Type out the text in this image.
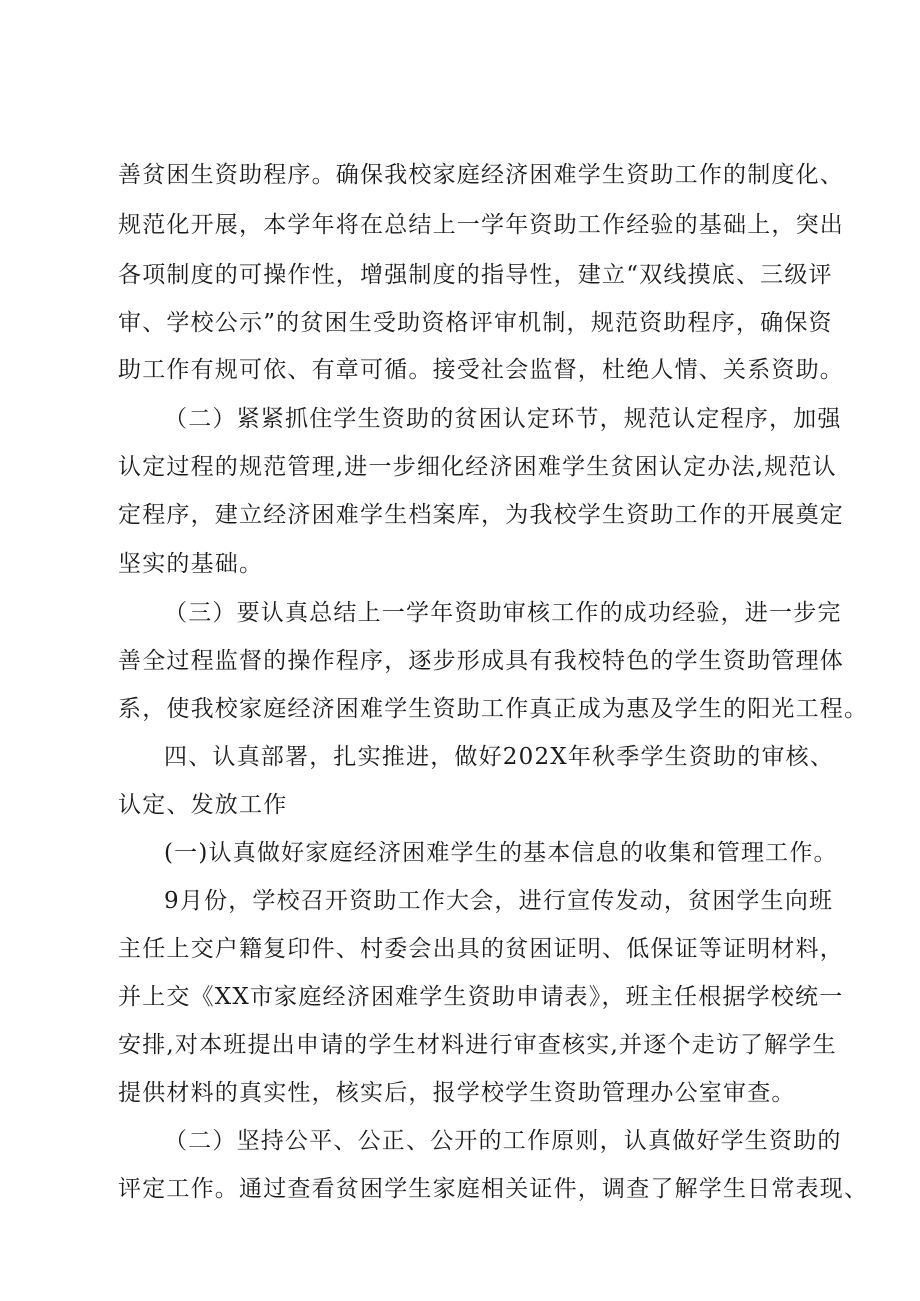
善贫困生资助程序。确保我校家庭经济困难学生资助工作的制度化、
规范化开展，本学年将在总结上一学年资助工作经验的基础上，突出
各项制度的可操作性，增强制度的指导性，建立“双线摸底、三级评
审、学校公示”的贫困生受助资格评审机制，规范资助程序，确保资
助工作有规可依、有章可循。接受社会监督，杜绝人情、关系资助。
（二）紧紧抓住学生资助的贫困认定环节，规范认定程序，加强
认定过程的规范管理,进一步细化经济困难学生贫困认定办法,规范认
定程序，建立经济困难学生档案库，为我校学生资助工作的开展奠定
坚实的基础。
（三）要认真总结上一学年资助审核工作的成功经验，进一步完
善全过程监督的操作程序，逐步形成具有我校特色的学生资助管理体
系，使我校家庭经济困难学生资助工作真正成为惠及学生的阳光工程。
四、认真部署，扎实推进，做好202X年秋季学生资助的审核、
认定、发放工作
(一)认真做好家庭经济困难学生的基本信息的收集和管理工作。
9月份，学校召开资助工作大会，进行宣传发动，贫困学生向班
主任上交户籍复印件、村委会出具的贫困证明、低保证等证明材料，
并上交《XX市家庭经济困难学生资助申请表》，班主任根据学校统一
安排,对本班提出申请的学生材料进行审查核实,并逐个走访了解学生
提供材料的真实性，核实后，报学校学生资助管理办公室审查。
（二）坚持公平、公正、公开的工作原则，认真做好学生资助的
评定工作。通过查看贫困学生家庭相关证件，调查了解学生日常表现、
